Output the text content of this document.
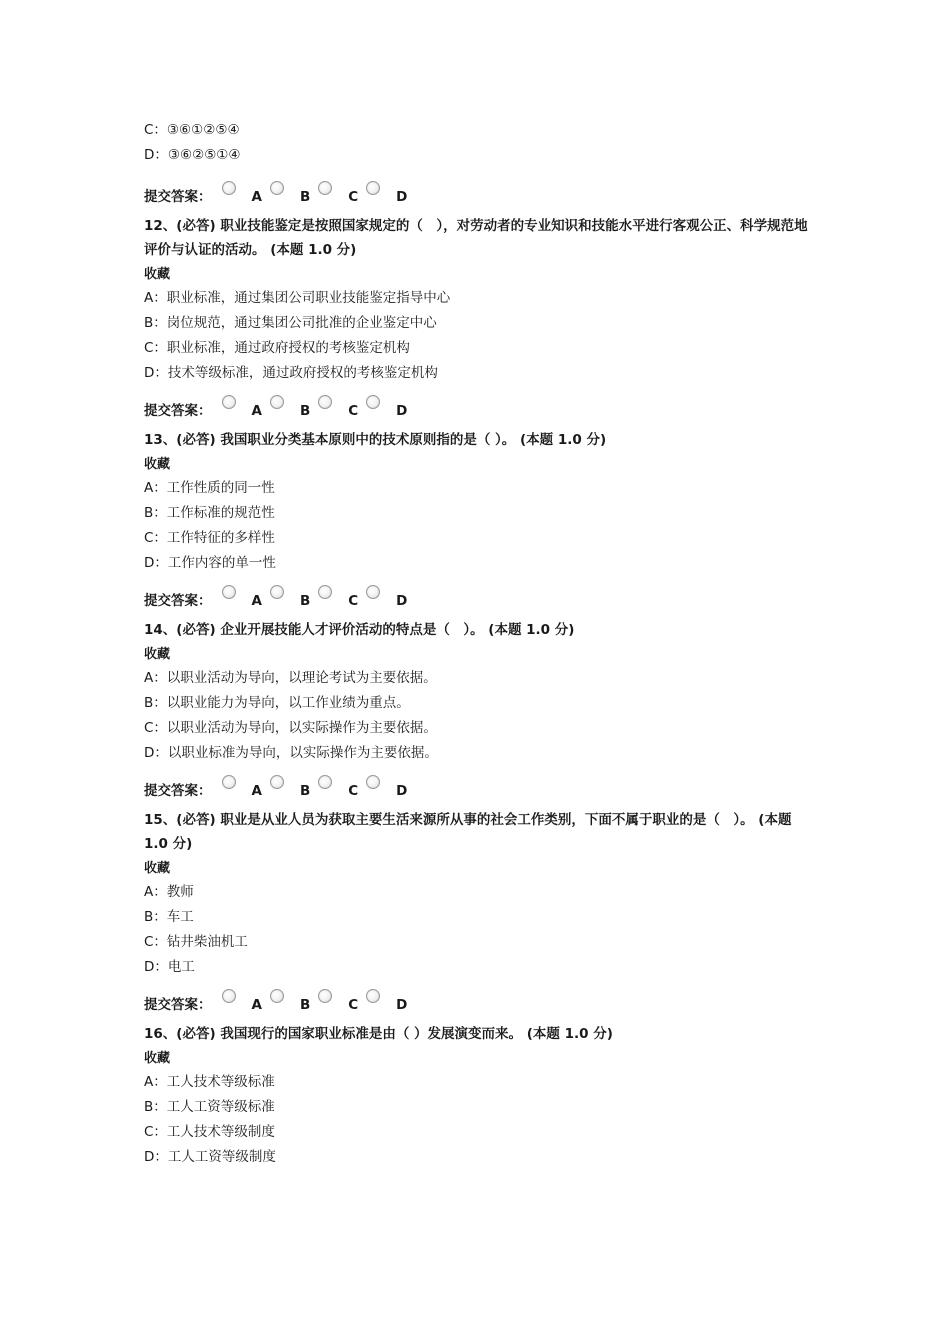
C：③⑥①②⑤④
D：③⑥②⑤①④
提交答案：	A	B	C	D
12、(必答) 职业技能鉴定是按照国家规定的（　），对劳动者的专业知识和技能水平进行客观公正、科学规范地评价与认证的活动。 (本题 1.0 分)
收藏
A：职业标准，通过集团公司职业技能鉴定指导中心
B：岗位规范，通过集团公司批准的企业鉴定中心
C：职业标准，通过政府授权的考核鉴定机构
D：技术等级标准，通过政府授权的考核鉴定机构
提交答案：	A	B	C	D
13、(必答) 我国职业分类基本原则中的技术原则指的是（ ）。 (本题 1.0 分)
收藏
A：工作性质的同一性
B：工作标准的规范性
C：工作特征的多样性
D：工作内容的单一性
提交答案：	A	B	C	D
14、(必答) 企业开展技能人才评价活动的特点是（　）。 (本题 1.0 分)
收藏
A：以职业活动为导向，以理论考试为主要依据。
B：以职业能力为导向，以工作业绩为重点。
C：以职业活动为导向，以实际操作为主要依据。
D：以职业标准为导向，以实际操作为主要依据。
提交答案：	A	B	C	D
15、(必答) 职业是从业人员为获取主要生活来源所从事的社会工作类别，下面不属于职业的是（　）。 (本题 1.0 分)
收藏
A：教师
B：车工
C：钻井柴油机工
D：电工
提交答案：	A	B	C	D
16、(必答) 我国现行的国家职业标准是由（ ）发展演变而来。 (本题 1.0 分)
收藏
A：工人技术等级标准
B：工人工资等级标准
C：工人技术等级制度
D：工人工资等级制度
